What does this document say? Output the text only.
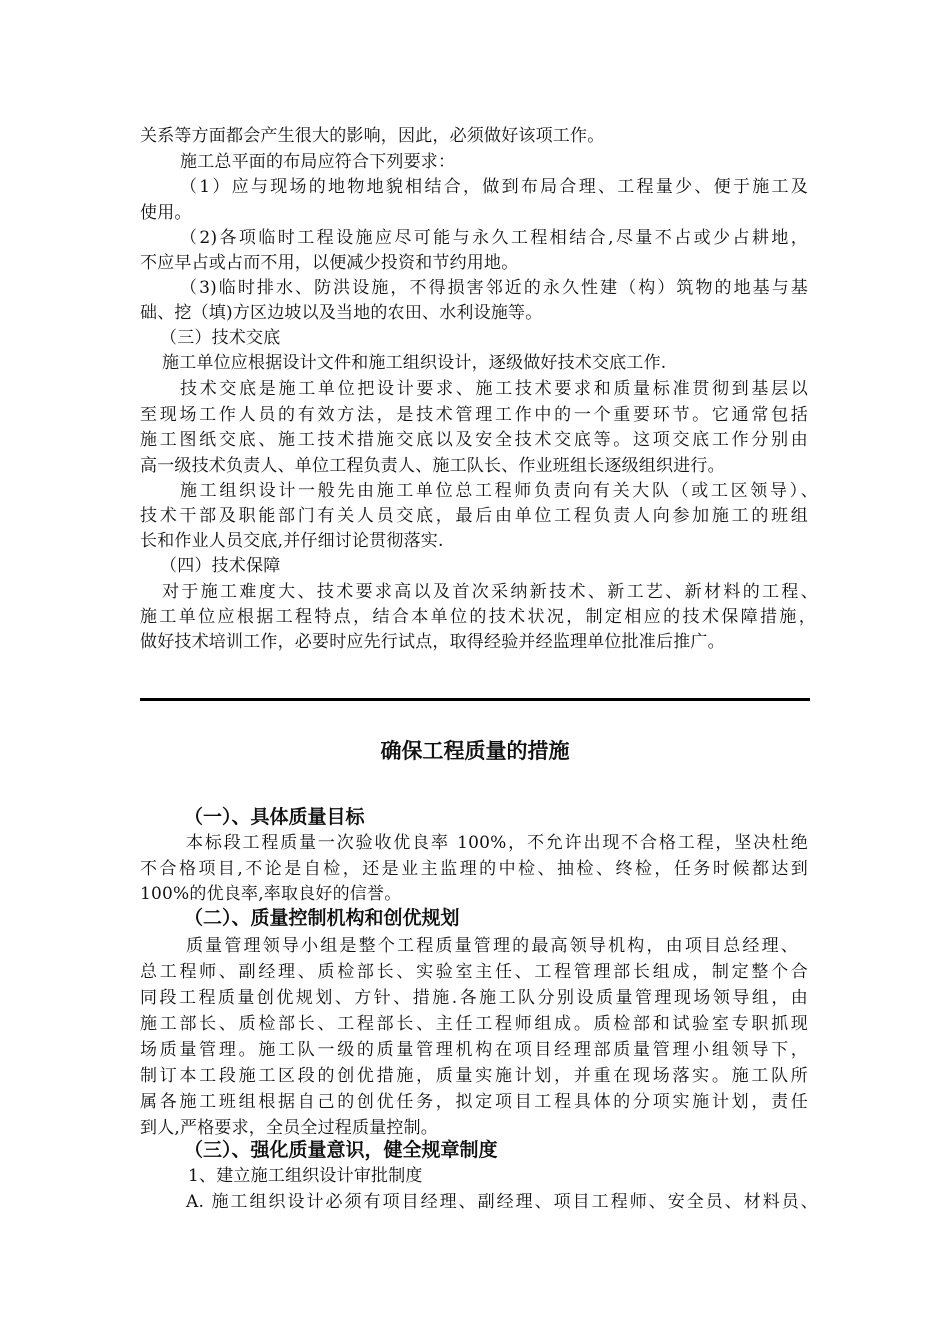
关系等方面都会产生很大的影响，因此，必须做好该项工作。
施工总平面的布局应符合下列要求：
（1）应与现场的地物地貌相结合，做到布局合理、工程量少、便于施工及
使用。
（2)各项临时工程设施应尽可能与永久工程相结合,尽量不占或少占耕地，
不应早占或占而不用，以便减少投资和节约用地。
（3)临时排水、防洪设施，不得损害邻近的永久性建（构）筑物的地基与基
础、挖（填)方区边坡以及当地的农田、水利设施等。
（三）技术交底
施工单位应根据设计文件和施工组织设计，逐级做好技术交底工作.
技术交底是施工单位把设计要求、施工技术要求和质量标准贯彻到基层以
至现场工作人员的有效方法，是技术管理工作中的一个重要环节。它通常包括
施工图纸交底、施工技术措施交底以及安全技术交底等。这项交底工作分别由
高一级技术负责人、单位工程负责人、施工队长、作业班组长逐级组织进行。
施工组织设计一般先由施工单位总工程师负责向有关大队（或工区领导）、
技术干部及职能部门有关人员交底，最后由单位工程负责人向参加施工的班组
长和作业人员交底,并仔细讨论贯彻落实.
（四）技术保障
对于施工难度大、技术要求高以及首次采纳新技术、新工艺、新材料的工程、
施工单位应根据工程特点，结合本单位的技术状况，制定相应的技术保障措施，
做好技术培训工作，必要时应先行试点，取得经验并经监理单位批准后推广。
确保工程质量的措施
（一）、具体质量目标
本标段工程质量一次验收优良率 100%，不允许出现不合格工程，坚决杜绝
不合格项目,不论是自检，还是业主监理的中检、抽检、终检，任务时候都达到
100%的优良率,率取良好的信誉。
（二）、质量控制机构和创优规划
质量管理领导小组是整个工程质量管理的最高领导机构，由项目总经理、
总工程师、副经理、质检部长、实验室主任、工程管理部长组成，制定整个合
同段工程质量创优规划、方针、措施.各施工队分别设质量管理现场领导组，由
施工部长、质检部长、工程部长、主任工程师组成。质检部和试验室专职抓现
场质量管理。施工队一级的质量管理机构在项目经理部质量管理小组领导下，
制订本工段施工区段的创优措施，质量实施计划，并重在现场落实。施工队所
属各施工班组根据自己的创优任务，拟定项目工程具体的分项实施计划，责任
到人,严格要求，全员全过程质量控制。
（三）、强化质量意识，健全规章制度
1、建立施工组织设计审批制度
A. 施工组织设计必须有项目经理、副经理、项目工程师、安全员、材料员、
